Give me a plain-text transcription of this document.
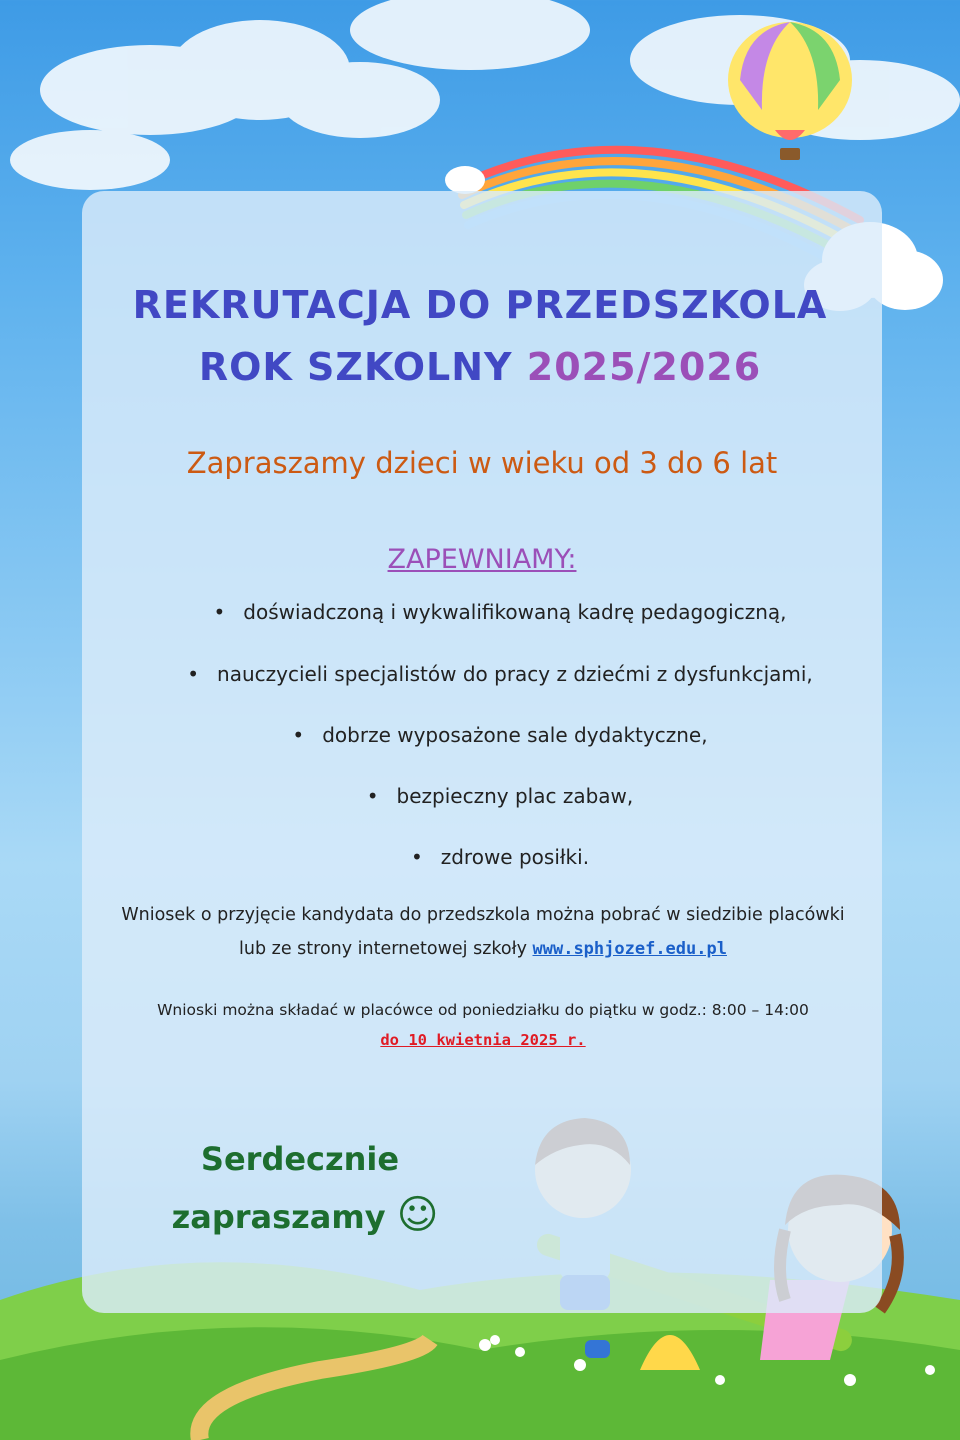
REKRUTACJA DO PRZEDSZKOLA
ROK SZKOLNY 2025/2026

Zapraszamy dzieci w wieku od 3 do 6 lat

ZAPEWNIAMY:

• doświadczoną i wykwalifikowaną kadrę pedagogiczną,

• nauczycieli specjalistów do pracy z dziećmi z dysfunkcjami,

• dobrze wyposażone sale dydaktyczne,

• bezpieczny plac zabaw,

• zdrowe posiłki.

Wniosek o przyjęcie kandydata do przedszkola można pobrać w siedzibie placówki

lub ze strony internetowej szkoły www.sphjozef.edu.pl

Wnioski można składać w placówce od poniedziałku do piątku w godz.: 8:00 – 14:00

do 10 kwietnia 2025 r.

Serdecznie

zapraszamy ☺
